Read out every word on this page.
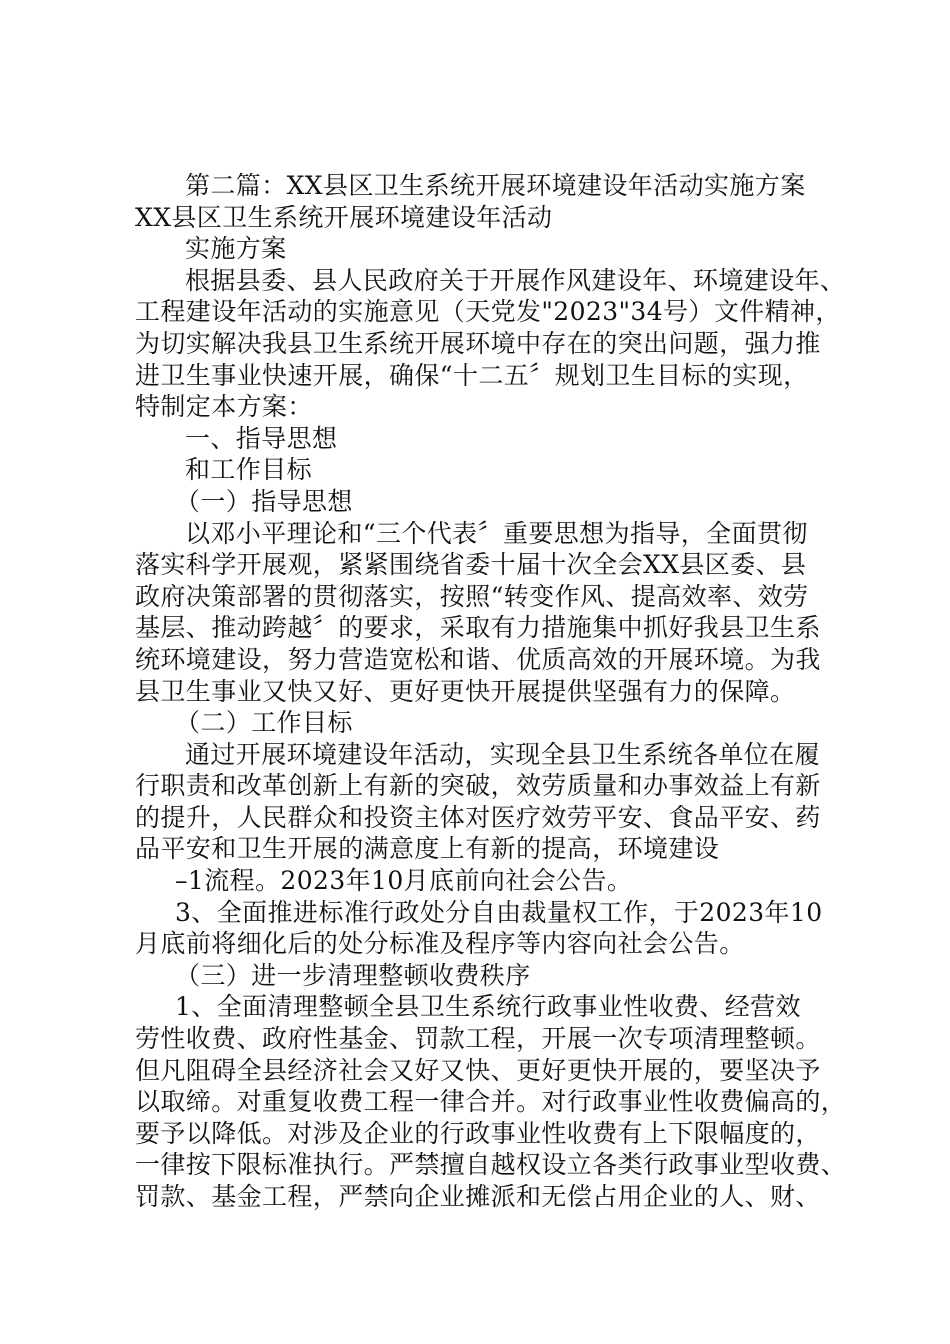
第二篇：XX县区卫生系统开展环境建设年活动实施方案
XX县区卫生系统开展环境建设年活动
实施方案
根据县委、县人民政府关于开展作风建设年、环境建设年、
工程建设年活动的实施意见（天党发"2023"34号）文件精神，
为切实解决我县卫生系统开展环境中存在的突出问题，强力推
进卫生事业快速开展，确保“十二五〞规划卫生目标的实现，
特制定本方案：
一、指导思想
和工作目标
（一）指导思想
以邓小平理论和“三个代表〞重要思想为指导，全面贯彻
落实科学开展观，紧紧围绕省委十届十次全会XX县区委、县
政府决策部署的贯彻落实，按照“转变作风、提高效率、效劳
基层、推动跨越〞的要求，采取有力措施集中抓好我县卫生系
统环境建设，努力营造宽松和谐、优质高效的开展环境。为我
县卫生事业又快又好、更好更快开展提供坚强有力的保障。
（二）工作目标
通过开展环境建设年活动，实现全县卫生系统各单位在履
行职责和改革创新上有新的突破，效劳质量和办事效益上有新
的提升，人民群众和投资主体对医疗效劳平安、食品平安、药
品平安和卫生开展的满意度上有新的提高，环境建设
–1流程。2023年10月底前向社会公告。
3、全面推进标准行政处分自由裁量权工作，于2023年10
月底前将细化后的处分标准及程序等内容向社会公告。
（三）进一步清理整顿收费秩序
1、全面清理整顿全县卫生系统行政事业性收费、经营效
劳性收费、政府性基金、罚款工程，开展一次专项清理整顿。
但凡阻碍全县经济社会又好又快、更好更快开展的，要坚决予
以取缔。对重复收费工程一律合并。对行政事业性收费偏高的，
要予以降低。对涉及企业的行政事业性收费有上下限幅度的，
一律按下限标准执行。严禁擅自越权设立各类行政事业型收费、
罚款、基金工程，严禁向企业摊派和无偿占用企业的人、财、
